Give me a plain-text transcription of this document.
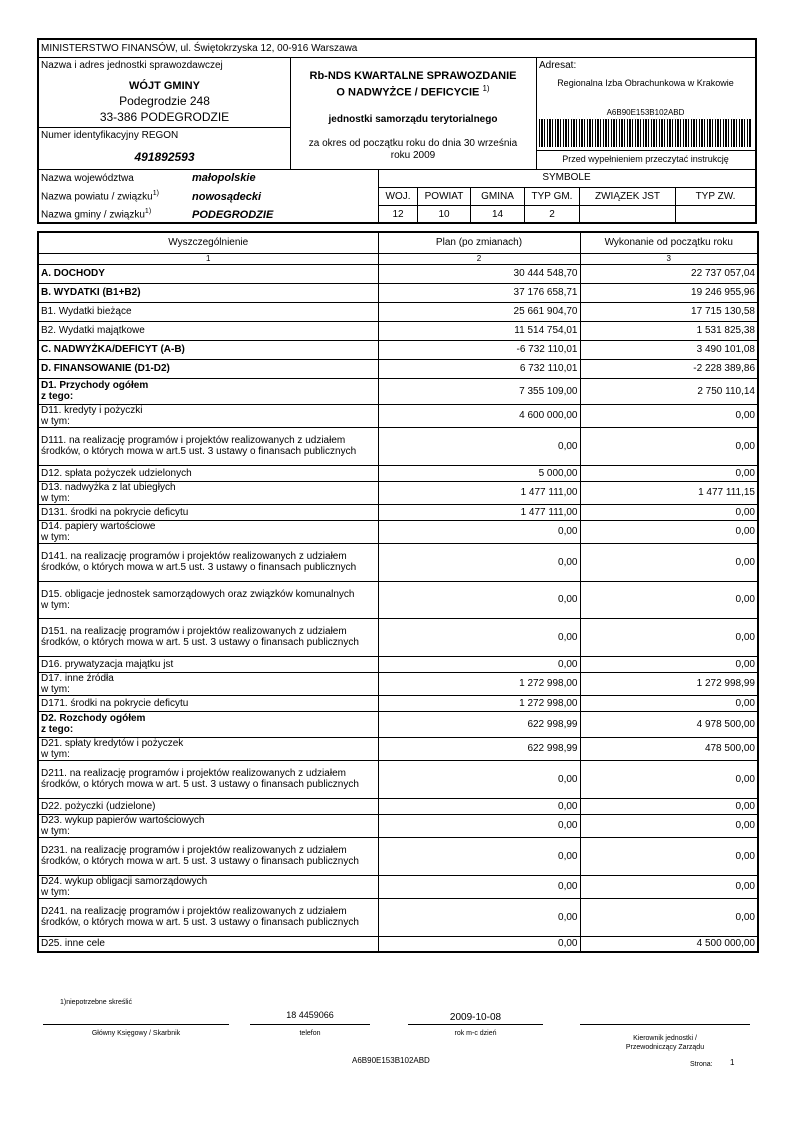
MINISTERSTWO FINANSÓW, ul. Świętokrzyska 12, 00-916 Warszawa
Nazwa i adres jednostki sprawozdawczej
WÓJT GMINY
Podegrodzie 248
33-386 PODEGRODZIE
Numer identyfikacyjny REGON
491892593
Rb-NDS KWARTALNE SPRAWOZDANIE
O NADWYŻCE / DEFICYCIE $^{1)}$
jednostki samorządu terytorialnego
za okres od początku roku do dnia 30 września
roku 2009
Adresat:
Regionalna Izba Obrachunkowa w Krakowie
A6B90E153B102ABD
Przed wypełnieniem przeczytać instrukcję
Nazwa województwa	małopolskie
Nazwa powiatu / związku$^{1)}$	nowosądecki
Nazwa gminy / związku$^{1)}$	PODEGRODZIE
SYMBOLE
WOJ.	POWIAT	GMINA	TYP GM.	ZWIĄZEK JST	TYP ZW.
12	10	14	2		
Wyszczególnienie	Plan (po zmianach)	Wykonanie od początku roku
1	2	3
A. DOCHODY	30 444 548,70	22 737 057,04
B. WYDATKI (B1+B2)	37 176 658,71	19 246 955,96
B1. Wydatki bieżące	25 661 904,70	17 715 130,58
B2. Wydatki majątkowe	11 514 754,01	1 531 825,38
C. NADWYŻKA/DEFICYT (A-B)	-6 732 110,01	3 490 101,08
D. FINANSOWANIE (D1-D2)	6 732 110,01	-2 228 389,86
D1. Przychody ogółem
z tego:	7 355 109,00	2 750 110,14
D11. kredyty i pożyczki
w tym:	4 600 000,00	0,00
D111. na realizację programów i projektów realizowanych z udziałem środków, o których mowa w art.5 ust. 3 ustawy o finansach publicznych	0,00	0,00
D12. spłata pożyczek udzielonych	5 000,00	0,00
D13. nadwyżka z lat ubiegłych
w tym:	1 477 111,00	1 477 111,15
D131. środki na pokrycie deficytu	1 477 111,00	0,00
D14. papiery wartościowe
w tym:	0,00	0,00
D141. na realizację programów i projektów realizowanych z udziałem środków, o których mowa w art.5 ust. 3 ustawy o finansach publicznych	0,00	0,00
D15. obligacje jednostek samorządowych oraz związków komunalnych
w tym:	0,00	0,00
D151. na realizację programów i projektów realizowanych z udziałem środków, o których mowa w art. 5 ust. 3 ustawy o finansach publicznych	0,00	0,00
D16. prywatyzacja majątku jst	0,00	0,00
D17. inne źródła
w tym:	1 272 998,00	1 272 998,99
D171. środki na pokrycie deficytu	1 272 998,00	0,00
D2. Rozchody ogółem
z tego:	622 998,99	4 978 500,00
D21. spłaty kredytów i pożyczek
w tym:	622 998,99	478 500,00
D211. na realizację programów i projektów realizowanych z udziałem środków, o których mowa w art. 5 ust. 3 ustawy o finansach publicznych	0,00	0,00
D22. pożyczki (udzielone)	0,00	0,00
D23. wykup papierów wartościowych
w tym:	0,00	0,00
D231. na realizację programów i projektów realizowanych z udziałem środków, o których mowa w art. 5 ust. 3 ustawy o finansach publicznych	0,00	0,00
D24. wykup obligacji samorządowych
w tym:	0,00	0,00
D241. na realizację programów i projektów realizowanych z udziałem środków, o których mowa w art. 5 ust. 3 ustawy o finansach publicznych	0,00	0,00
D25. inne cele	0,00	4 500 000,00
1)niepotrzebne skreślić
18 4459066	2009-10-08
Główny Księgowy / Skarbnik	telefon	rok m-c dzień
Kierownik jednostki /
Przewodniczący Zarządu
A6B90E153B102ABD	Strona: 1
